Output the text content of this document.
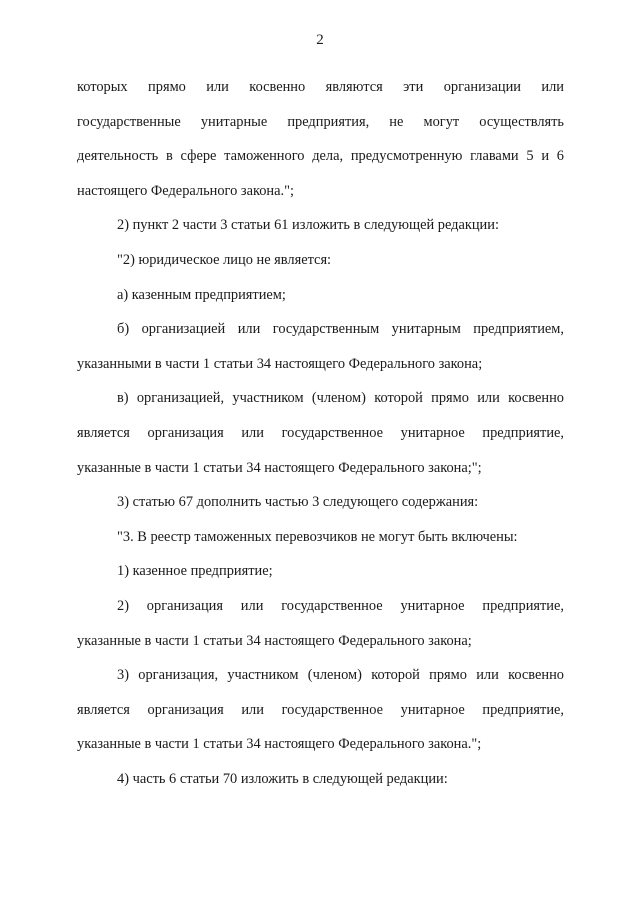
2

которых прямо или косвенно являются эти организации или
государственные унитарные предприятия, не могут осуществлять
деятельность в сфере таможенного дела, предусмотренную главами 5 и 6
настоящего Федерального закона.";

2) пункт 2 части 3 статьи 61 изложить в следующей редакции:

"2) юридическое лицо не является:

а) казенным предприятием;

б) организацией или государственным унитарным предприятием,
указанными в части 1 статьи 34 настоящего Федерального закона;

в) организацией, участником (членом) которой прямо или косвенно
является организация или государственное унитарное предприятие,
указанные в части 1 статьи 34 настоящего Федерального закона;";

3) статью 67 дополнить частью 3 следующего содержания:

"3. В реестр таможенных перевозчиков не могут быть включены:

1) казенное предприятие;

2) организация или государственное унитарное предприятие,
указанные в части 1 статьи 34 настоящего Федерального закона;

3) организация, участником (членом) которой прямо или косвенно
является организация или государственное унитарное предприятие,
указанные в части 1 статьи 34 настоящего Федерального закона.";

4) часть 6 статьи 70 изложить в следующей редакции:
